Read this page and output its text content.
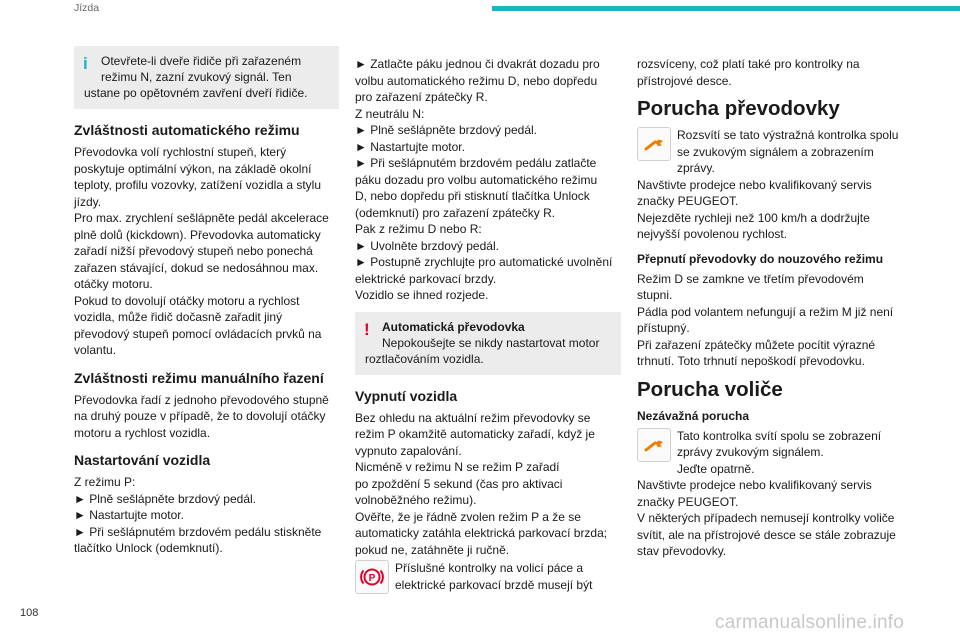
Jízda
i	Otevřete-li dveře řidiče při zařazeném
režimu N, zazní zvukový signál. Ten
ustane po opětovném zavření dveří řidiče.
Zvláštnosti automatického režimu

Převodovka volí rychlostní stupeň, který
poskytuje optimální výkon, na základě okolní
teploty, profilu vozovky, zatížení vozidla a stylu
jízdy.
Pro max. zrychlení sešlápněte pedál akcelerace
plně dolů (kickdown). Převodovka automaticky
zařadí nižší převodový stupeň nebo ponechá
zařazen stávající, dokud se nedosáhnou max.
otáčky motoru.
Pokud to dovolují otáčky motoru a rychlost
vozidla, může řidič dočasně zařadit jiný
převodový stupeň pomocí ovládacích prvků na
volantu.

Zvláštnosti režimu manuálního řazení

Převodovka řadí z jednoho převodového stupně
na druhý pouze v případě, že to dovolují otáčky
motoru a rychlost vozidla.

Nastartování vozidla

Z režimu P:
► Plně sešlápněte brzdový pedál.
► Nastartujte motor.
► Při sešlápnutém brzdovém pedálu stiskněte
tlačítko Unlock (odemknutí).

► Zatlačte páku jednou či dvakrát dozadu pro
volbu automatického režimu D, nebo dopředu
pro zařazení zpátečky R.
Z neutrálu N:
► Plně sešlápněte brzdový pedál.
► Nastartujte motor.
► Při sešlápnutém brzdovém pedálu zatlačte
páku dozadu pro volbu automatického režimu
D, nebo dopředu při stisknutí tlačítka Unlock
(odemknutí) pro zařazení zpátečky R.
Pak z režimu D nebo R:
► Uvolněte brzdový pedál.
► Postupně zrychlujte pro automatické uvolnění
elektrické parkovací brzdy.
Vozidlo se ihned rozjede.

!	Automatická převodovka
Nepokoušejte se nikdy nastartovat motor
roztlačováním vozidla.
Vypnutí vozidla

Bez ohledu na aktuální režim převodovky se
režim P okamžitě automaticky zařadí, když je
vypnuto zapalování.
Nicméně v režimu N se režim P zařadí
po zpoždění 5 sekund (čas pro aktivaci
volnoběžného režimu).
Ověřte, že je řádně zvolen režim P a že se
automaticky zatáhla elektrická parkovací brzda;
pokud ne, zatáhněte ji ručně.

P
Příslušné kontrolky na volicí páce a
elektrické parkovací brzdě musejí být

rozsvíceny, což platí také pro kontrolky na
přístrojové desce.

Porucha převodovky
Rozsvítí se tato výstražná kontrolka spolu
se zvukovým signálem a zobrazením

zprávy.
Navštivte prodejce nebo kvalifikovaný servis
značky PEUGEOT.
Nejezděte rychleji než 100 km/h a dodržujte
nejvyšší povolenou rychlost.

Přepnutí převodovky do nouzového režimu

Režim D se zamkne ve třetím převodovém
stupni.
Pádla pod volantem nefungují a režim M již není
přístupný.
Při zařazení zpátečky můžete pocítit výrazné
trhnutí. Toto trhnutí nepoškodí převodovku.

Porucha voliče
Nezávažná porucha
Tato kontrolka svítí spolu se zobrazení
zprávy zvukovým signálem.

Jeďte opatrně.
Navštivte prodejce nebo kvalifikovaný servis
značky PEUGEOT.
V některých případech nemusejí kontrolky voliče
svítit, ale na přístrojové desce se stále zobrazuje
stav převodovky.

108	carmanualsonline.info
